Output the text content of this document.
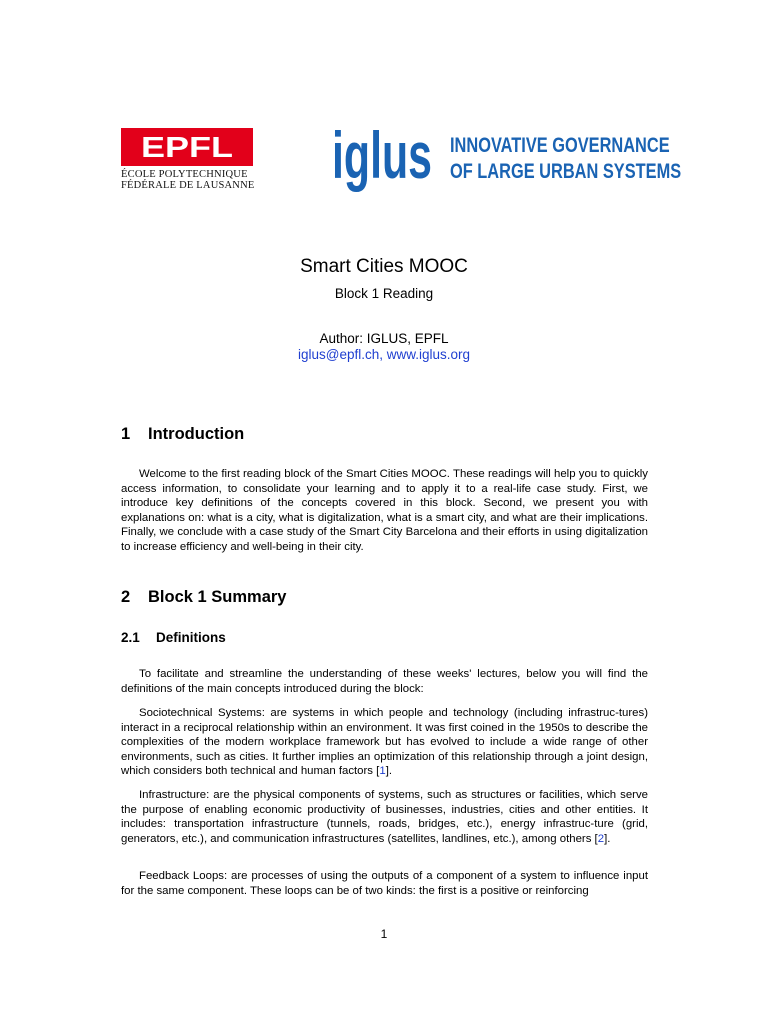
EPFL
ÉCOLE POLYTECHNIQUE
FÉDÉRALE DE LAUSANNE iglus INNOVATIVE GOVERNANCE
OF LARGE URBAN SYSTEMS
Smart Cities MOOC
Block 1 Reading
Author: IGLUS, EPFL
iglus@epfl.ch, www.iglus.org
1 Introduction
Welcome to the first reading block of the Smart Cities MOOC. These readings will help you to quickly access information, to consolidate your learning and to apply it to a real-life case study. First, we introduce key definitions of the concepts covered in this block. Second, we present you with explanations on: what is a city, what is digitalization, what is a smart city, and what are their implications. Finally, we conclude with a case study of the Smart City Barcelona and their efforts in using digitalization to increase efficiency and well-being in their city.
2 Block 1 Summary
2.1 Definitions
To facilitate and streamline the understanding of these weeks' lectures, below you will find the definitions of the main concepts introduced during the block:
Sociotechnical Systems: are systems in which people and technology (including infrastruc-tures) interact in a reciprocal relationship within an environment. It was first coined in the 1950s to describe the complexities of the modern workplace framework but has evolved to include a wide range of other environments, such as cities. It further implies an optimization of this relationship through a joint design, which considers both technical and human factors [1].
Infrastructure: are the physical components of systems, such as structures or facilities, which serve the purpose of enabling economic productivity of businesses, industries, cities and other entities. It includes: transportation infrastructure (tunnels, roads, bridges, etc.), energy infrastruc-ture (grid, generators, etc.), and communication infrastructures (satellites, landlines, etc.), among others [2].
Feedback Loops: are processes of using the outputs of a component of a system to influence input for the same component. These loops can be of two kinds: the first is a positive or reinforcing
1
